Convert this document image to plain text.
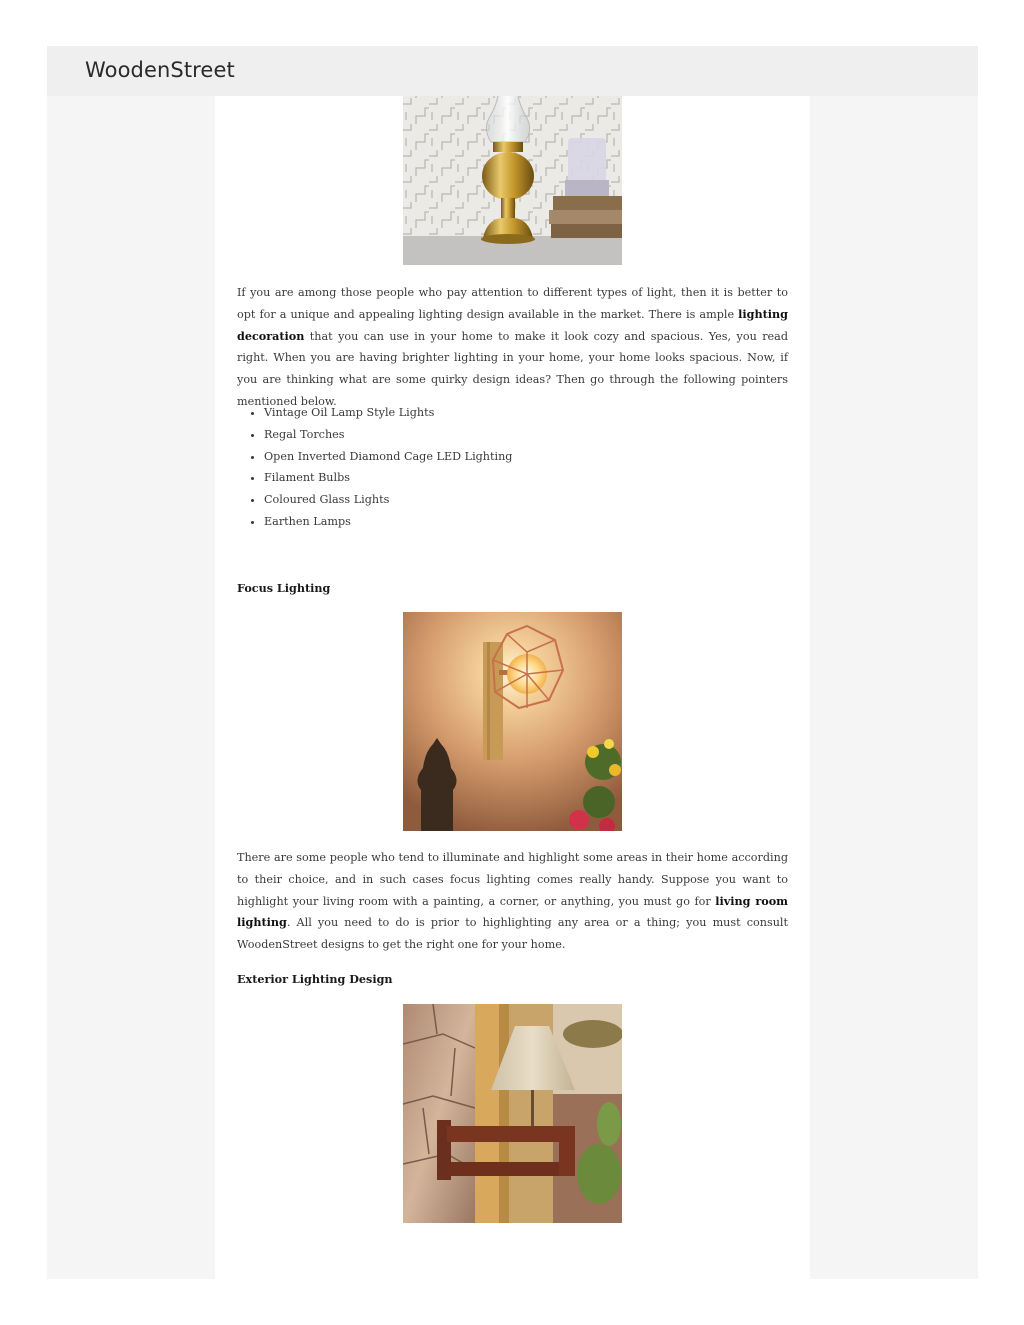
If you are among those people who pay attention to different types of light, then it is better to opt for a unique and appealing lighting design available in the market. There is ample lighting decoration that you can use in your home to make it look cozy and spacious. Yes, you read right. When you are having brighter lighting in your home, your home looks spacious. Now, if you are thinking what are some quirky design ideas? Then go through the following pointers mentioned below.

• Vintage Oil Lamp Style Lights
• Regal Torches
• Open Inverted Diamond Cage LED Lighting
• Filament Bulbs
• Coloured Glass Lights
• Earthen Lamps

Focus Lighting

There are some people who tend to illuminate and highlight some areas in their home according to their choice, and in such cases focus lighting comes really handy. Suppose you want to highlight your living room with a painting, a corner, or anything, you must go for living room lighting. All you need to do is prior to highlighting any area or a thing; you must consult WoodenStreet designs to get the right one for your home.

Exterior Lighting Design

WoodenStreet
